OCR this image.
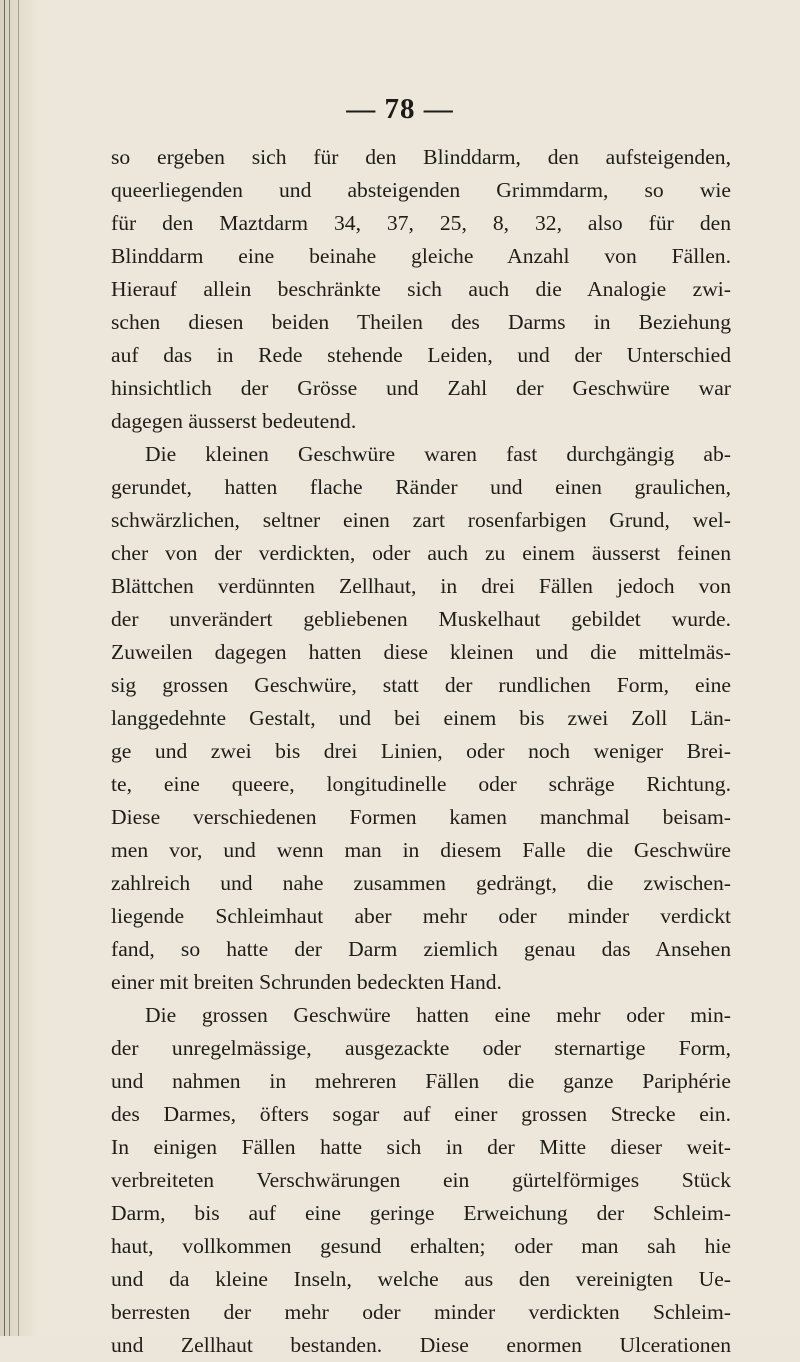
— 78 —
so ergeben sich für den Blinddarm, den aufsteigenden,
queerliegenden und absteigenden Grimmdarm, so wie
für den Maztdarm 34, 37, 25, 8, 32, also für den
Blinddarm eine beinahe gleiche Anzahl von Fällen.
Hierauf allein beschränkte sich auch die Analogie zwi-
schen diesen beiden Theilen des Darms in Beziehung
auf das in Rede stehende Leiden, und der Unterschied
hinsichtlich der Grösse und Zahl der Geschwüre war
dagegen äusserst bedeutend.
Die kleinen Geschwüre waren fast durchgängig ab-
gerundet, hatten flache Ränder und einen graulichen,
schwärzlichen, seltner einen zart rosenfarbigen Grund, wel-
cher von der verdickten, oder auch zu einem äusserst feinen
Blättchen verdünnten Zellhaut, in drei Fällen jedoch von
der unverändert gebliebenen Muskelhaut gebildet wurde.
Zuweilen dagegen hatten diese kleinen und die mittelmäs-
sig grossen Geschwüre, statt der rundlichen Form, eine
langgedehnte Gestalt, und bei einem bis zwei Zoll Län-
ge und zwei bis drei Linien, oder noch weniger Brei-
te, eine queere, longitudinelle oder schräge Richtung.
Diese verschiedenen Formen kamen manchmal beisam-
men vor, und wenn man in diesem Falle die Geschwüre
zahlreich und nahe zusammen gedrängt, die zwischen-
liegende Schleimhaut aber mehr oder minder verdickt
fand, so hatte der Darm ziemlich genau das Ansehen
einer mit breiten Schrunden bedeckten Hand.
Die grossen Geschwüre hatten eine mehr oder min-
der unregelmässige, ausgezackte oder sternartige Form,
und nahmen in mehreren Fällen die ganze Pariphérie
des Darmes, öfters sogar auf einer grossen Strecke ein.
In einigen Fällen hatte sich in der Mitte dieser weit-
verbreiteten Verschwärungen ein gürtelförmiges Stück
Darm, bis auf eine geringe Erweichung der Schleim-
haut, vollkommen gesund erhalten; oder man sah hie
und da kleine Inseln, welche aus den vereinigten Ue-
berresten der mehr oder minder verdickten Schleim-
und Zellhaut bestanden. Diese enormen Ulcerationen
